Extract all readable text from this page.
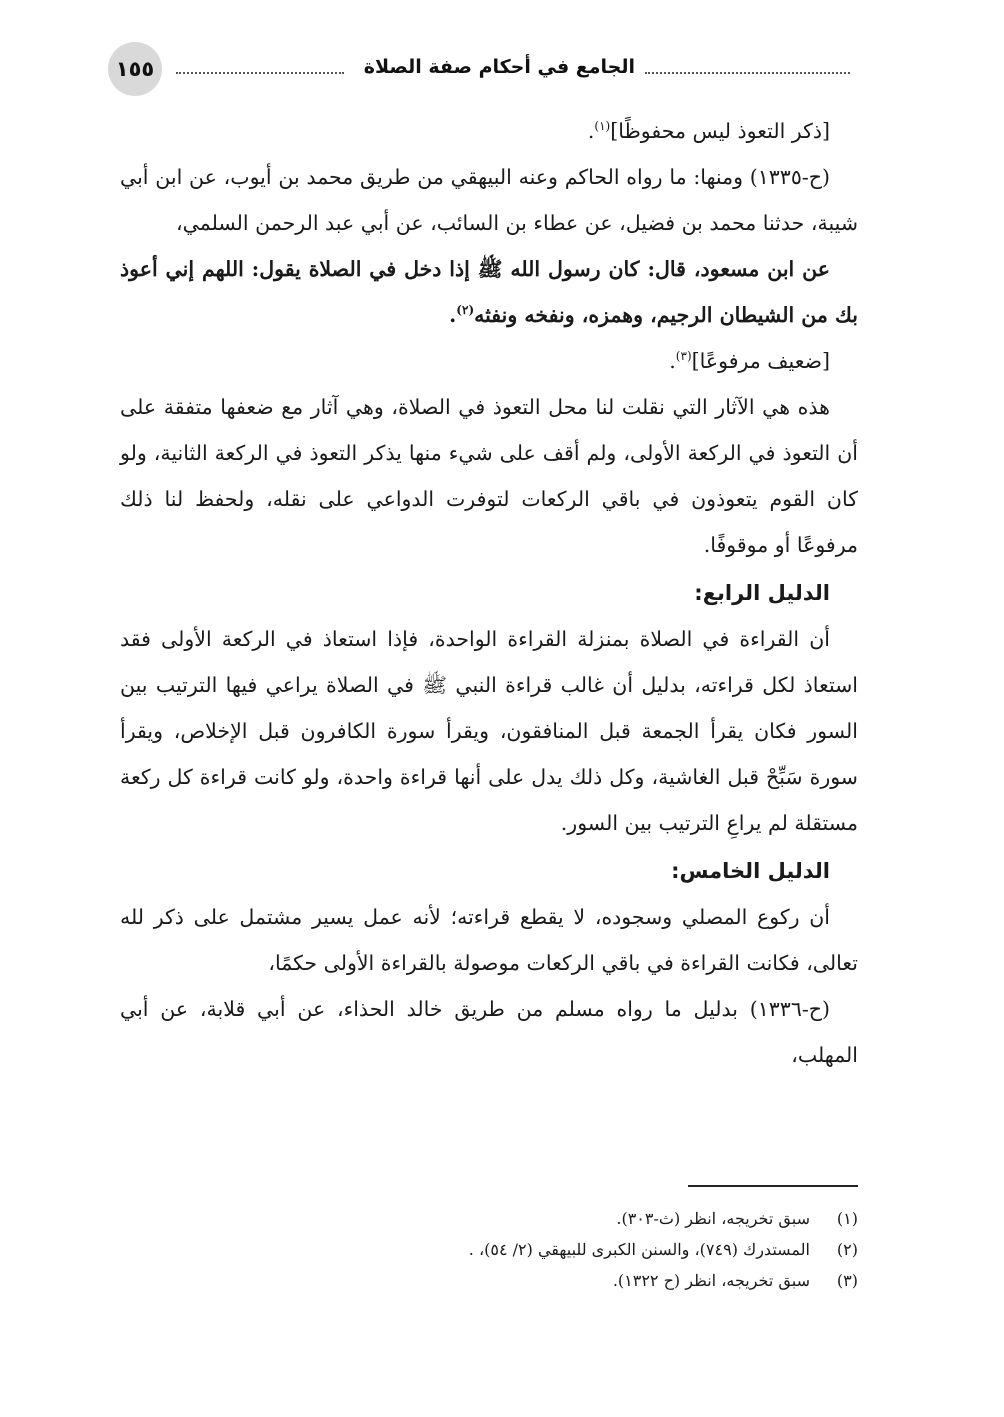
١٥٥	الجامع في أحكام صفة الصلاة

[ذكر التعوذ ليس محفوظًا]$^{(١)}$.

(ح-١٣٣٥) ومنها: ما رواه الحاكم وعنه البيهقي من طريق محمد بن أيوب، عن ابن أبي شيبة، حدثنا محمد بن فضيل، عن عطاء بن السائب، عن أبي عبد الرحمن السلمي،

عن ابن مسعود، قال: كان رسول الله ﷺ إذا دخل في الصلاة يقول: اللهم إني أعوذ بك من الشيطان الرجيم، وهمزه، ونفخه ونفثه$^{(٢)}$.

[ضعيف مرفوعًا]$^{(٣)}$.

هذه هي الآثار التي نقلت لنا محل التعوذ في الصلاة، وهي آثار مع ضعفها متفقة على أن التعوذ في الركعة الأولى، ولم أقف على شيء منها يذكر التعوذ في الركعة الثانية، ولو كان القوم يتعوذون في باقي الركعات لتوفرت الدواعي على نقله، ولحفظ لنا ذلك مرفوعًا أو موقوفًا.

الدليل الرابع:

أن القراءة في الصلاة بمنزلة القراءة الواحدة، فإذا استعاذ في الركعة الأولى فقد استعاذ لكل قراءته، بدليل أن غالب قراءة النبي ﷺ في الصلاة يراعي فيها الترتيب بين السور فكان يقرأ الجمعة قبل المنافقون، ويقرأ سورة الكافرون قبل الإخلاص، ويقرأ سورة سَبِّحْ قبل الغاشية، وكل ذلك يدل على أنها قراءة واحدة، ولو كانت قراءة كل ركعة مستقلة لم يراعِ الترتيب بين السور.

الدليل الخامس:

أن ركوع المصلي وسجوده، لا يقطع قراءته؛ لأنه عمل يسير مشتمل على ذكر لله تعالى، فكانت القراءة في باقي الركعات موصولة بالقراءة الأولى حكمًا،

(ح-١٣٣٦) بدليل ما رواه مسلم من طريق خالد الحذاء، عن أبي قلابة، عن أبي المهلب،

(١)
سبق تخريجه، انظر (ث-٣٠٣).
(٢)
المستدرك (٧٤٩)، والسنن الكبرى للبيهقي (٢/ ٥٤)، .
(٣)
سبق تخريجه، انظر (ح ١٣٢٢).
